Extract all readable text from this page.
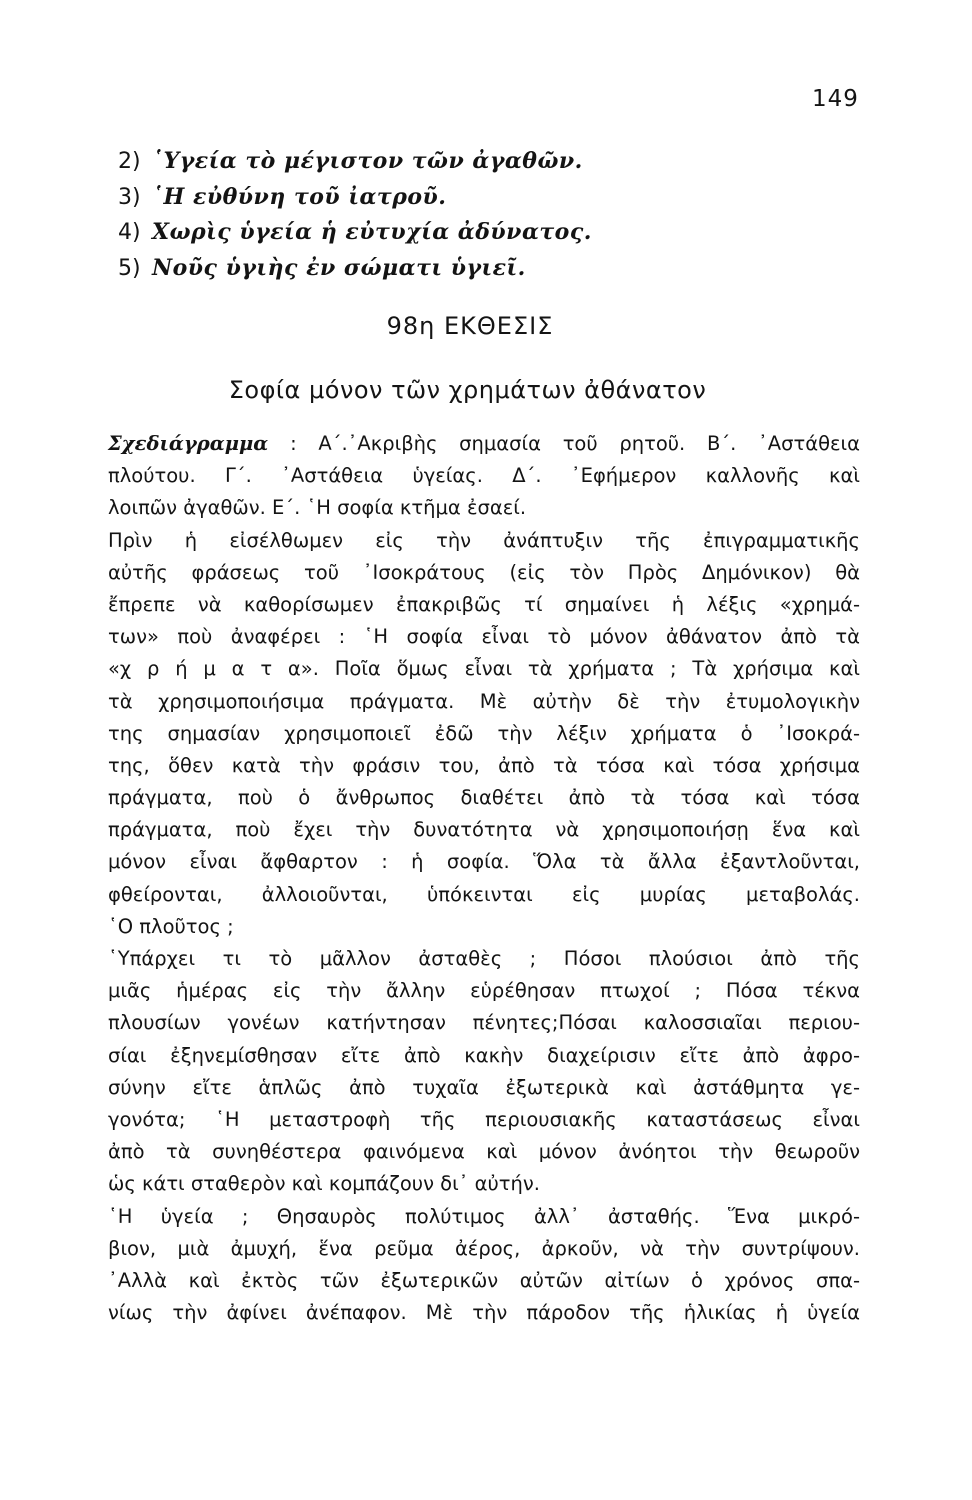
149
2) ῾Υγεία τὸ μέγιστον τῶν ἀγαθῶν.
3) ῾Η εὐθύνη τοῦ ἰατροῦ.
4) Χωρὶς ὑγεία ἡ εὐτυχία ἀδύνατος.
5) Νοῦς ὑγιὴς ἐν σώματι ὑγιεῖ.
98η ΕΚΘΕΣΙΣ
Σοφία μόνον τῶν χρημάτων ἀθάνατον
Σχεδιάγραμμα : Α΄.᾿Ακριβὴς σημασία τοῦ ρητοῦ. Β΄. ᾿Αστάθεια
πλούτου. Γ΄. ᾿Αστάθεια ὑγείας. Δ΄. ᾿Εφήμερον καλλονῆς καὶ
λοιπῶν ἀγαθῶν. Ε΄. ῾Η σοφία κτῆμα ἐσαεί.
Πρὶν ἡ εἰσέλθωμεν εἰς τὴν ἀνάπτυξιν τῆς ἐπιγραμματικῆς
αὐτῆς φράσεως τοῦ ᾿Ισοκράτους (εἰς τὸν Πρὸς Δημόνικον) θὰ
ἔπρεπε νὰ καθορίσωμεν ἐπακριβῶς τί σημαίνει ἡ λέξις «χρημά-
των» ποὺ ἀναφέρει : ῾Η σοφία εἶναι τὸ μόνον ἀθάνατον ἀπὸ τὰ
«χ ρ ή μ α τ α». Ποῖα ὅμως εἶναι τὰ χρήματα ; Τὰ χρήσιμα καὶ
τὰ χρησιμοποιήσιμα πράγματα. Μὲ αὐτὴν δὲ τὴν ἐτυμολογικὴν
της σημασίαν χρησιμοποιεῖ ἐδῶ τὴν λέξιν χρήματα ὁ ᾿Ισοκρά-
της, ὅθεν κατὰ τὴν φράσιν του, ἀπὸ τὰ τόσα καὶ τόσα χρήσιμα
πράγματα, ποὺ ὁ ἄνθρωπος διαθέτει ἀπὸ τὰ τόσα καὶ τόσα
πράγματα, ποὺ ἔχει τὴν δυνατότητα νὰ χρησιμοποιήσῃ ἕνα καὶ
μόνον εἶναι ἄφθαρτον : ἡ σοφία. Ὅλα τὰ ἄλλα ἐξαντλοῦνται,
φθείρονται, ἀλλοιοῦνται, ὑπόκεινται εἰς μυρίας μεταβολάς.
῾Ο πλοῦτος ;
῾Υπάρχει τι τὸ μᾶλλον ἀσταθὲς ; Πόσοι πλούσιοι ἀπὸ τῆς
μιᾶς ἡμέρας εἰς τὴν ἄλλην εὑρέθησαν πτωχοί ; Πόσα τέκνα
πλουσίων γονέων κατήντησαν πένητες;Πόσαι καλοσσιαῖαι περιου-
σίαι ἐξηνεμίσθησαν εἴτε ἀπὸ κακὴν διαχείρισιν εἴτε ἀπὸ ἀφρο-
σύνην εἴτε ἁπλῶς ἀπὸ τυχαῖα ἐξωτερικὰ καὶ ἀστάθμητα γε-
γονότα; ῾Η μεταστροφὴ τῆς περιουσιακῆς καταστάσεως εἶναι
ἀπὸ τὰ συνηθέστερα φαινόμενα καὶ μόνον ἀνόητοι τὴν θεωροῦν
ὡς κάτι σταθερὸν καὶ κομπάζουν δι᾿ αὐτήν.
῾Η ὑγεία ; Θησαυρὸς πολύτιμος ἀλλ᾿ ἀσταθής. Ἕνα μικρό-
βιον, μιὰ ἀμυχή, ἕνα ρεῦμα ἀέρος, ἀρκοῦν, νὰ τὴν συντρίψουν.
᾿Αλλὰ καὶ ἐκτὸς τῶν ἐξωτερικῶν αὐτῶν αἰτίων ὁ χρόνος σπα-
νίως τὴν ἀφίνει ἀνέπαφον. Μὲ τὴν πάροδον τῆς ἡλικίας ἡ ὑγεία
